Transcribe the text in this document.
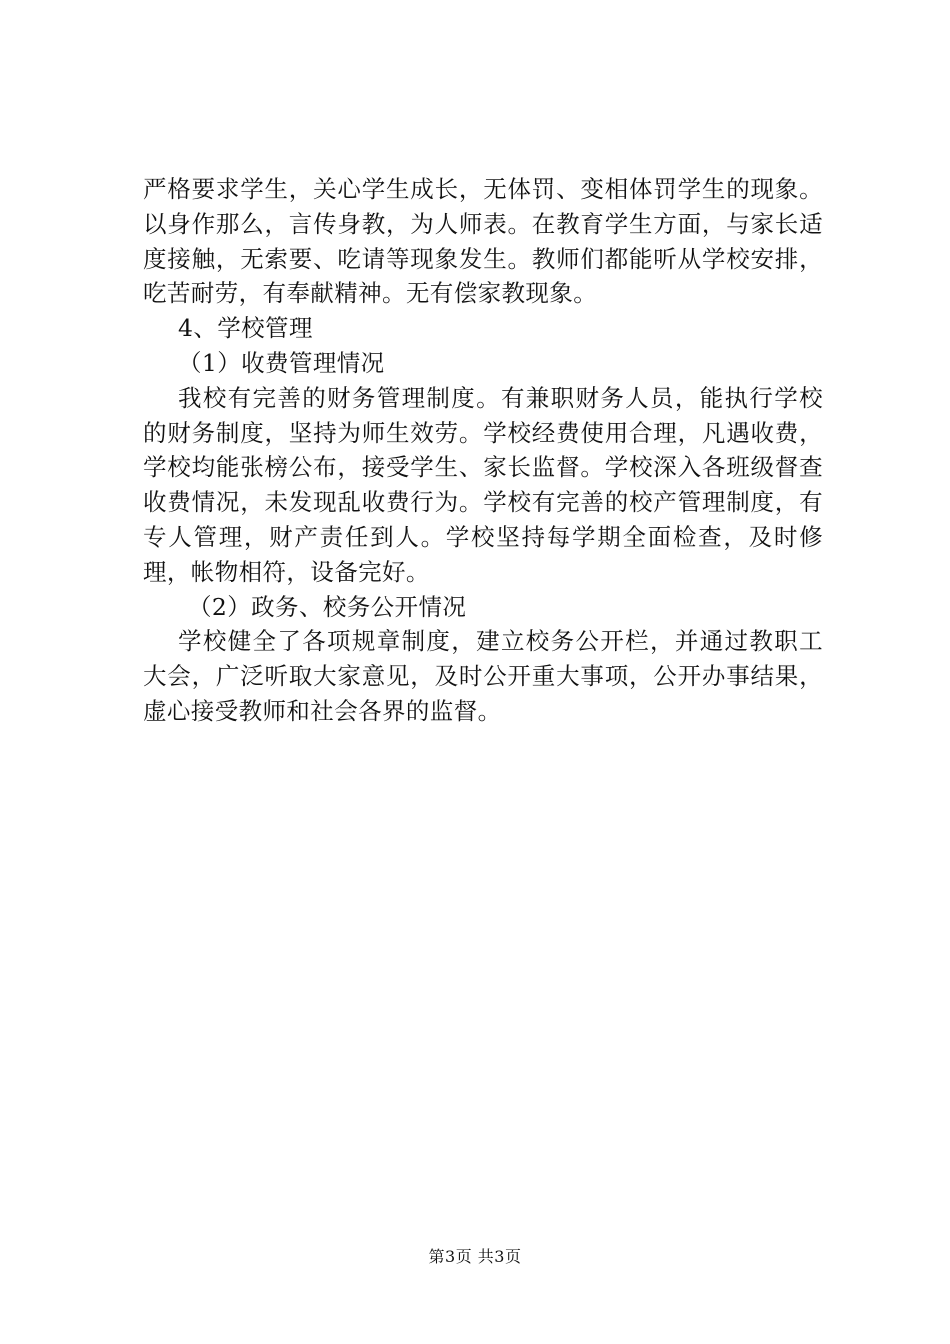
严格要求学生，关心学生成长，无体罚、变相体罚学生的现象。以身作那么，言传身教，为人师表。在教育学生方面，与家长适度接触，无索要、吃请等现象发生。教师们都能听从学校安排，吃苦耐劳，有奉献精神。无有偿家教现象。

4、学校管理

（1）收费管理情况

我校有完善的财务管理制度。有兼职财务人员，能执行学校的财务制度，坚持为师生效劳。学校经费使用合理，凡遇收费，学校均能张榜公布，接受学生、家长监督。学校深入各班级督查收费情况，未发现乱收费行为。学校有完善的校产管理制度，有专人管理，财产责任到人。学校坚持每学期全面检查，及时修理，帐物相符，设备完好。

（2）政务、校务公开情况

学校健全了各项规章制度，建立校务公开栏，并通过教职工大会，广泛听取大家意见，及时公开重大事项，公开办事结果，虚心接受教师和社会各界的监督。

第3页 共3页
